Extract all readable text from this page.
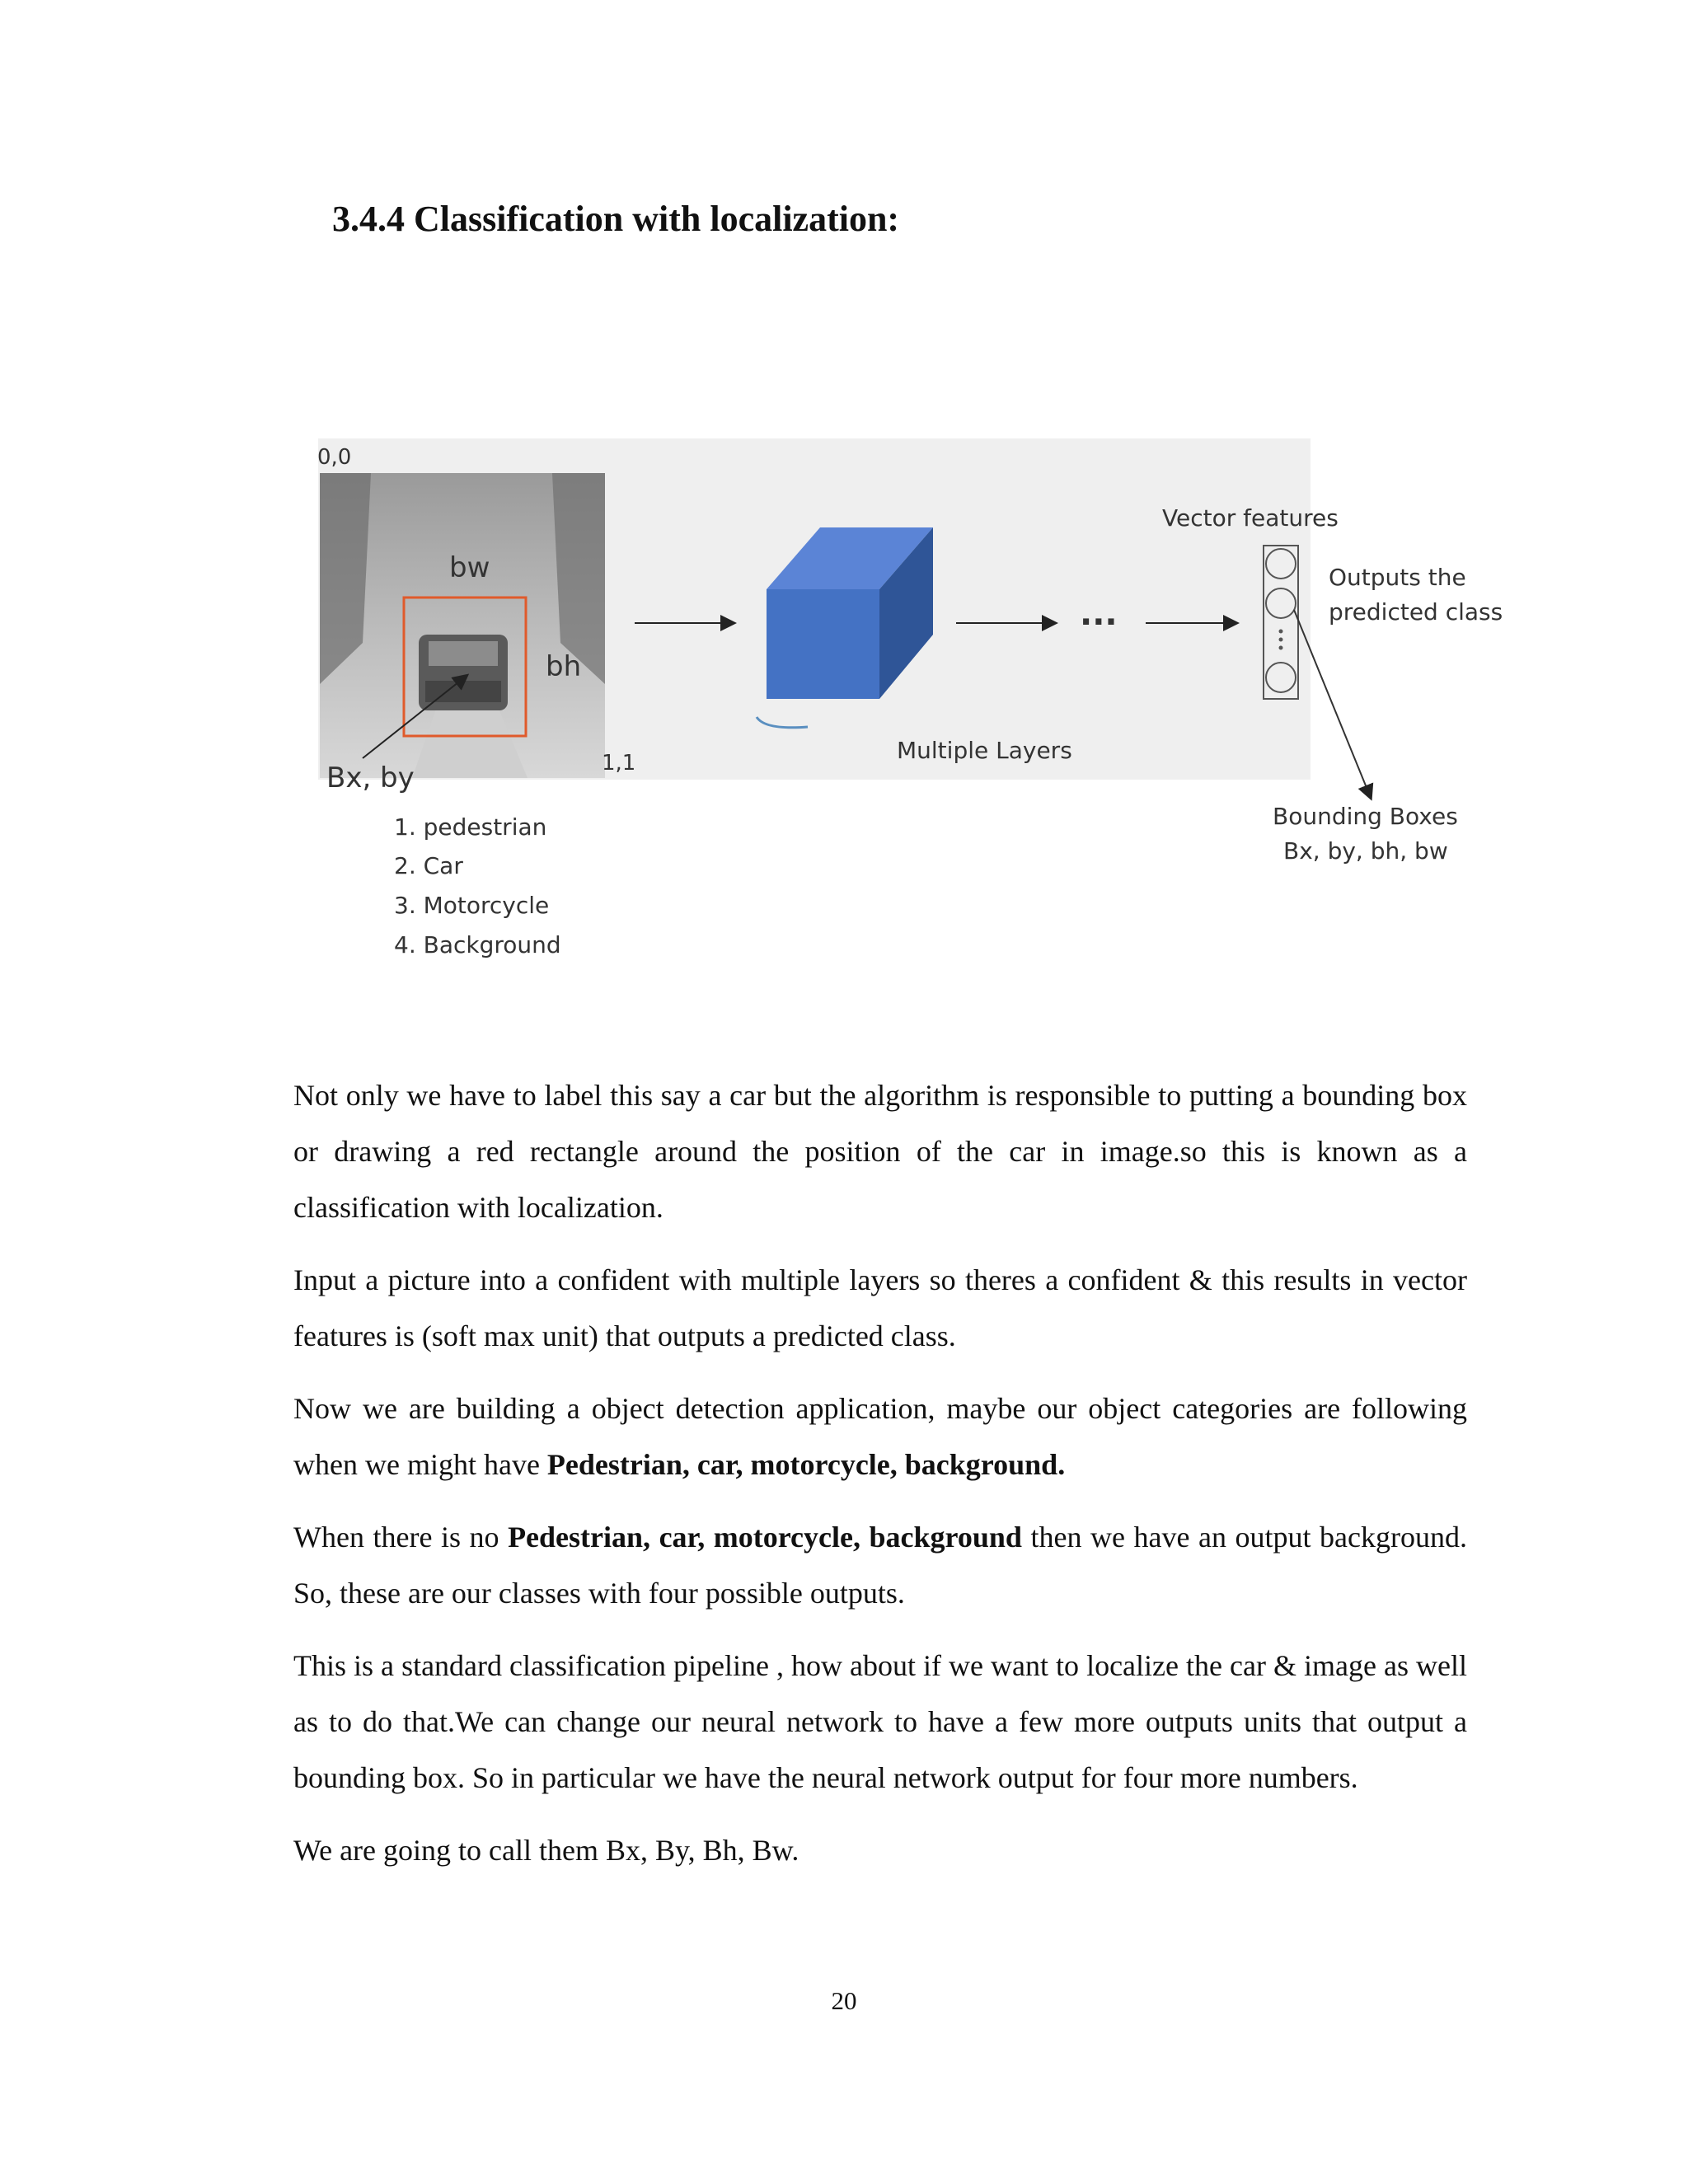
3.4.4 Classification with localization:
0,0
bw
bh
1,1
Bx, by
...
Multiple Layers
Vector features
Outputs the
predicted class
Bounding Boxes
Bx, by, bh, bw
1. pedestrian
2. Car
3. Motorcycle
4. Background

Not only we have to label this say a car but the algorithm is responsible to putting a bounding box or drawing a red rectangle around the position of the car in image.so this is known as a classification with localization.

Input a picture into a confident with multiple layers so theres a confident & this results in vector features is (soft max unit) that outputs a predicted class.

Now we are building a object detection application, maybe our object categories are following when we might have Pedestrian, car, motorcycle, background.

When there is no Pedestrian, car, motorcycle, background then we have an output background. So, these are our classes with four possible outputs.

This is a standard classification pipeline , how about if we want to localize the car & image as well as to do that.We can change our neural network to have a few more outputs units that output a bounding box. So in particular we have the neural network output for four more numbers.

We are going to call them Bx, By, Bh, Bw.

20
